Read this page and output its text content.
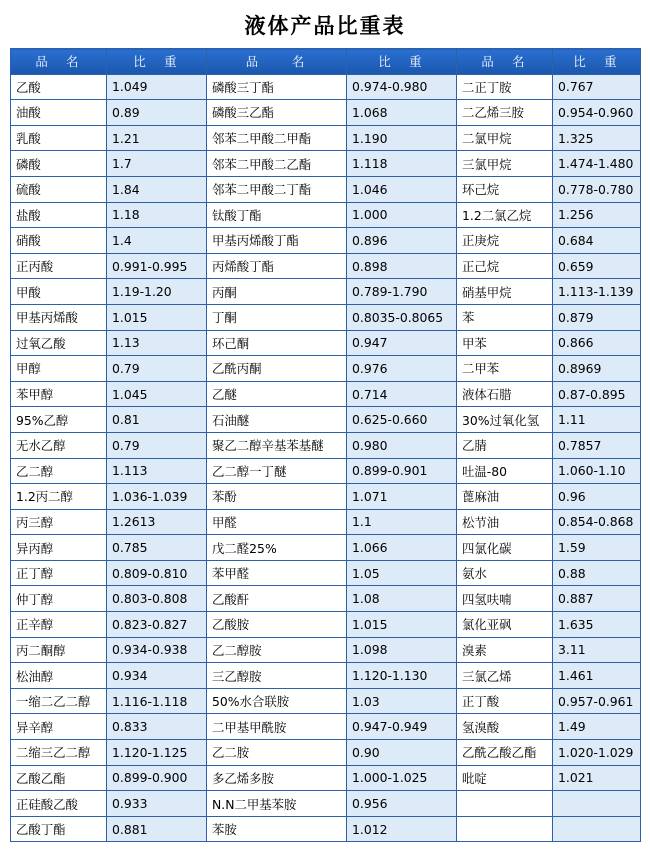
液体产品比重表
品　名	比　重	品　　名	比　重	品　名	比　重
乙酸	1.049	磷酸三丁酯	0.974-0.980	二正丁胺	0.767
油酸	0.89	磷酸三乙酯	1.068	二乙烯三胺	0.954-0.960
乳酸	1.21	邻苯二甲酸二甲酯	1.190	二氯甲烷	1.325
磷酸	1.7	邻苯二甲酸二乙酯	1.118	三氯甲烷	1.474-1.480
硫酸	1.84	邻苯二甲酸二丁酯	1.046	环己烷	0.778-0.780
盐酸	1.18	钛酸丁酯	1.000	1.2二氯乙烷	1.256
硝酸	1.4	甲基丙烯酸丁酯	0.896	正庚烷	0.684
正丙酸	0.991-0.995	丙烯酸丁酯	0.898	正己烷	0.659
甲酸	1.19-1.20	丙酮	0.789-1.790	硝基甲烷	1.113-1.139
甲基丙烯酸	1.015	丁酮	0.8035-0.8065	苯	0.879
过氧乙酸	1.13	环己酮	0.947	甲苯	0.866
甲醇	0.79	乙酰丙酮	0.976	二甲苯	0.8969
苯甲醇	1.045	乙醚	0.714	液体石腊	0.87-0.895
95%乙醇	0.81	石油醚	0.625-0.660	30%过氧化氢	1.11
无水乙醇	0.79	聚乙二醇辛基苯基醚	0.980	乙腈	0.7857
乙二醇	1.113	乙二醇一丁醚	0.899-0.901	吐温-80	1.060-1.10
1.2丙二醇	1.036-1.039	苯酚	1.071	蓖麻油	0.96
丙三醇	1.2613	甲醛	1.1	松节油	0.854-0.868
异丙醇	0.785	戊二醛25%	1.066	四氯化碳	1.59
正丁醇	0.809-0.810	苯甲醛	1.05	氨水	0.88
仲丁醇	0.803-0.808	乙酸酐	1.08	四氢呋喃	0.887
正辛醇	0.823-0.827	乙酸胺	1.015	氯化亚砜	1.635
丙二酮醇	0.934-0.938	乙二醇胺	1.098	溴素	3.11
松油醇	0.934	三乙醇胺	1.120-1.130	三氯乙烯	1.461
一缩二乙二醇	1.116-1.118	50%水合联胺	1.03	正丁酸	0.957-0.961
异辛醇	0.833	二甲基甲酰胺	0.947-0.949	氢溴酸	1.49
二缩三乙二醇	1.120-1.125	乙二胺	0.90	乙酰乙酸乙酯	1.020-1.029
乙酸乙酯	0.899-0.900	多乙烯多胺	1.000-1.025	吡啶	1.021
正硅酸乙酸	0.933	N.N二甲基苯胺	0.956		
乙酸丁酯	0.881	苯胺	1.012		
